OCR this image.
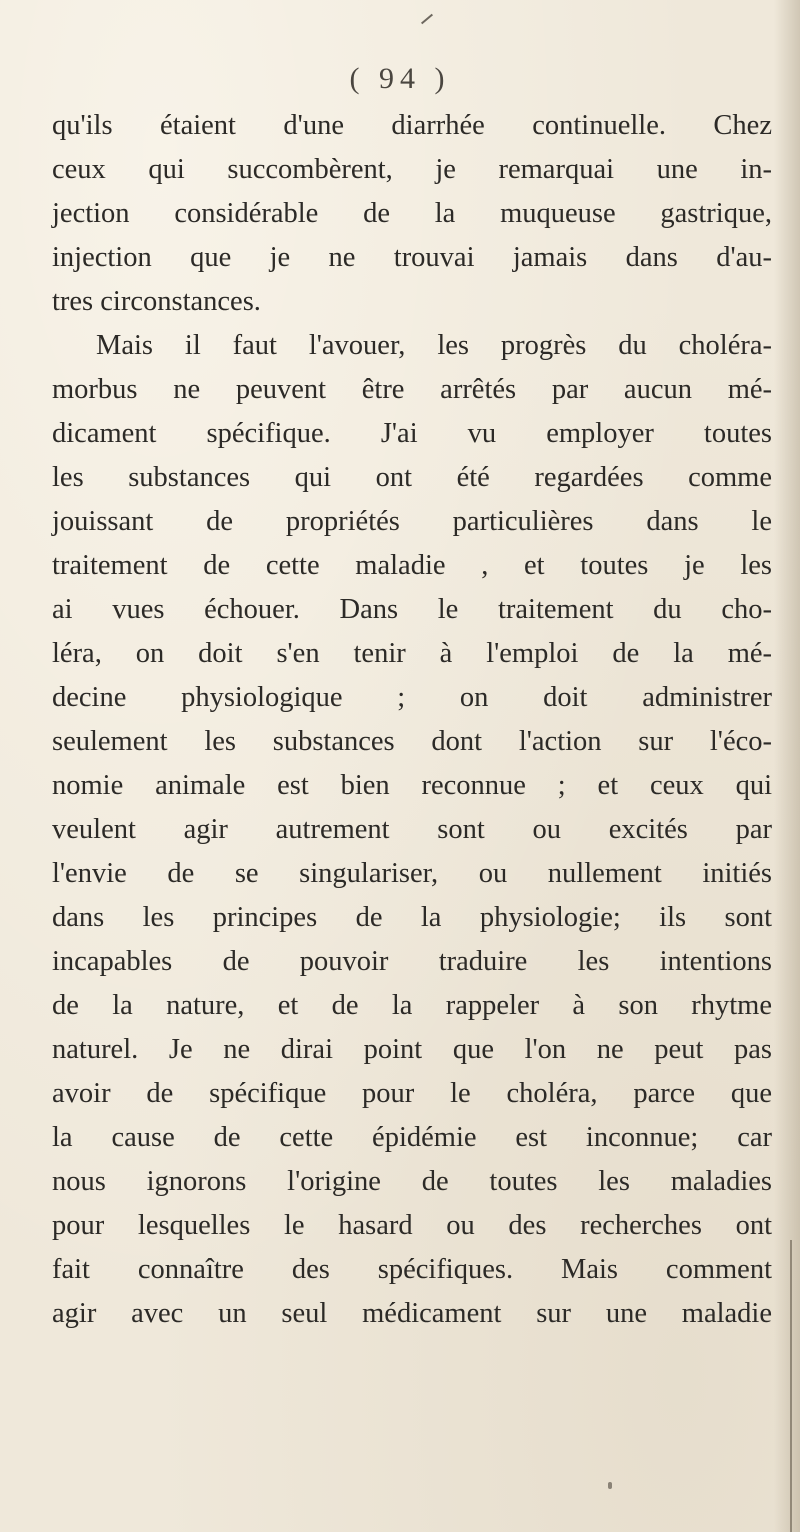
( 94 )
qu'ils étaient d'une diarrhée continuelle. Chez
ceux qui succombèrent, je remarquai une in-
jection considérable de la muqueuse gastrique,
injection que je ne trouvai jamais dans d'au-
tres circonstances.
Mais il faut l'avouer, les progrès du choléra-
morbus ne peuvent être arrêtés par aucun mé-
dicament spécifique. J'ai vu employer toutes
les substances qui ont été regardées comme
jouissant de propriétés particulières dans le
traitement de cette maladie , et toutes je les
ai vues échouer. Dans le traitement du cho-
léra, on doit s'en tenir à l'emploi de la mé-
decine physiologique ; on doit administrer
seulement les substances dont l'action sur l'éco-
nomie animale est bien reconnue ; et ceux qui
veulent agir autrement sont ou excités par
l'envie de se singulariser, ou nullement initiés
dans les principes de la physiologie; ils sont
incapables de pouvoir traduire les intentions
de la nature, et de la rappeler à son rhytme
naturel. Je ne dirai point que l'on ne peut pas
avoir de spécifique pour le choléra, parce que
la cause de cette épidémie est inconnue; car
nous ignorons l'origine de toutes les maladies
pour lesquelles le hasard ou des recherches ont
fait connaître des spécifiques. Mais comment
agir avec un seul médicament sur une maladie
